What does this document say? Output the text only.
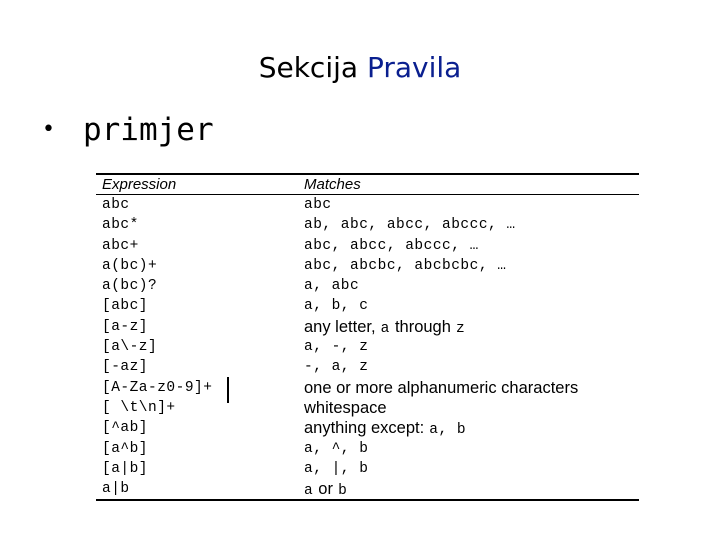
Sekcija Pravila
• primjer
Expression	Matches
abc	abc
abc*	ab, abc, abcc, abccc, …
abc+	abc, abcc, abccc, …
a(bc)+	abc, abcbc, abcbcbc, …
a(bc)?	a, abc
[abc]	a, b, c
[a-z]	any letter, a through z
[a\-z]	a, -, z
[-az]	-, a, z
[A-Za-z0-9]+	one or more alphanumeric characters
[ \t\n]+	whitespace
[^ab]	anything except: a, b
[a^b]	a, ^, b
[a|b]	a, |, b
a|b	a or b
